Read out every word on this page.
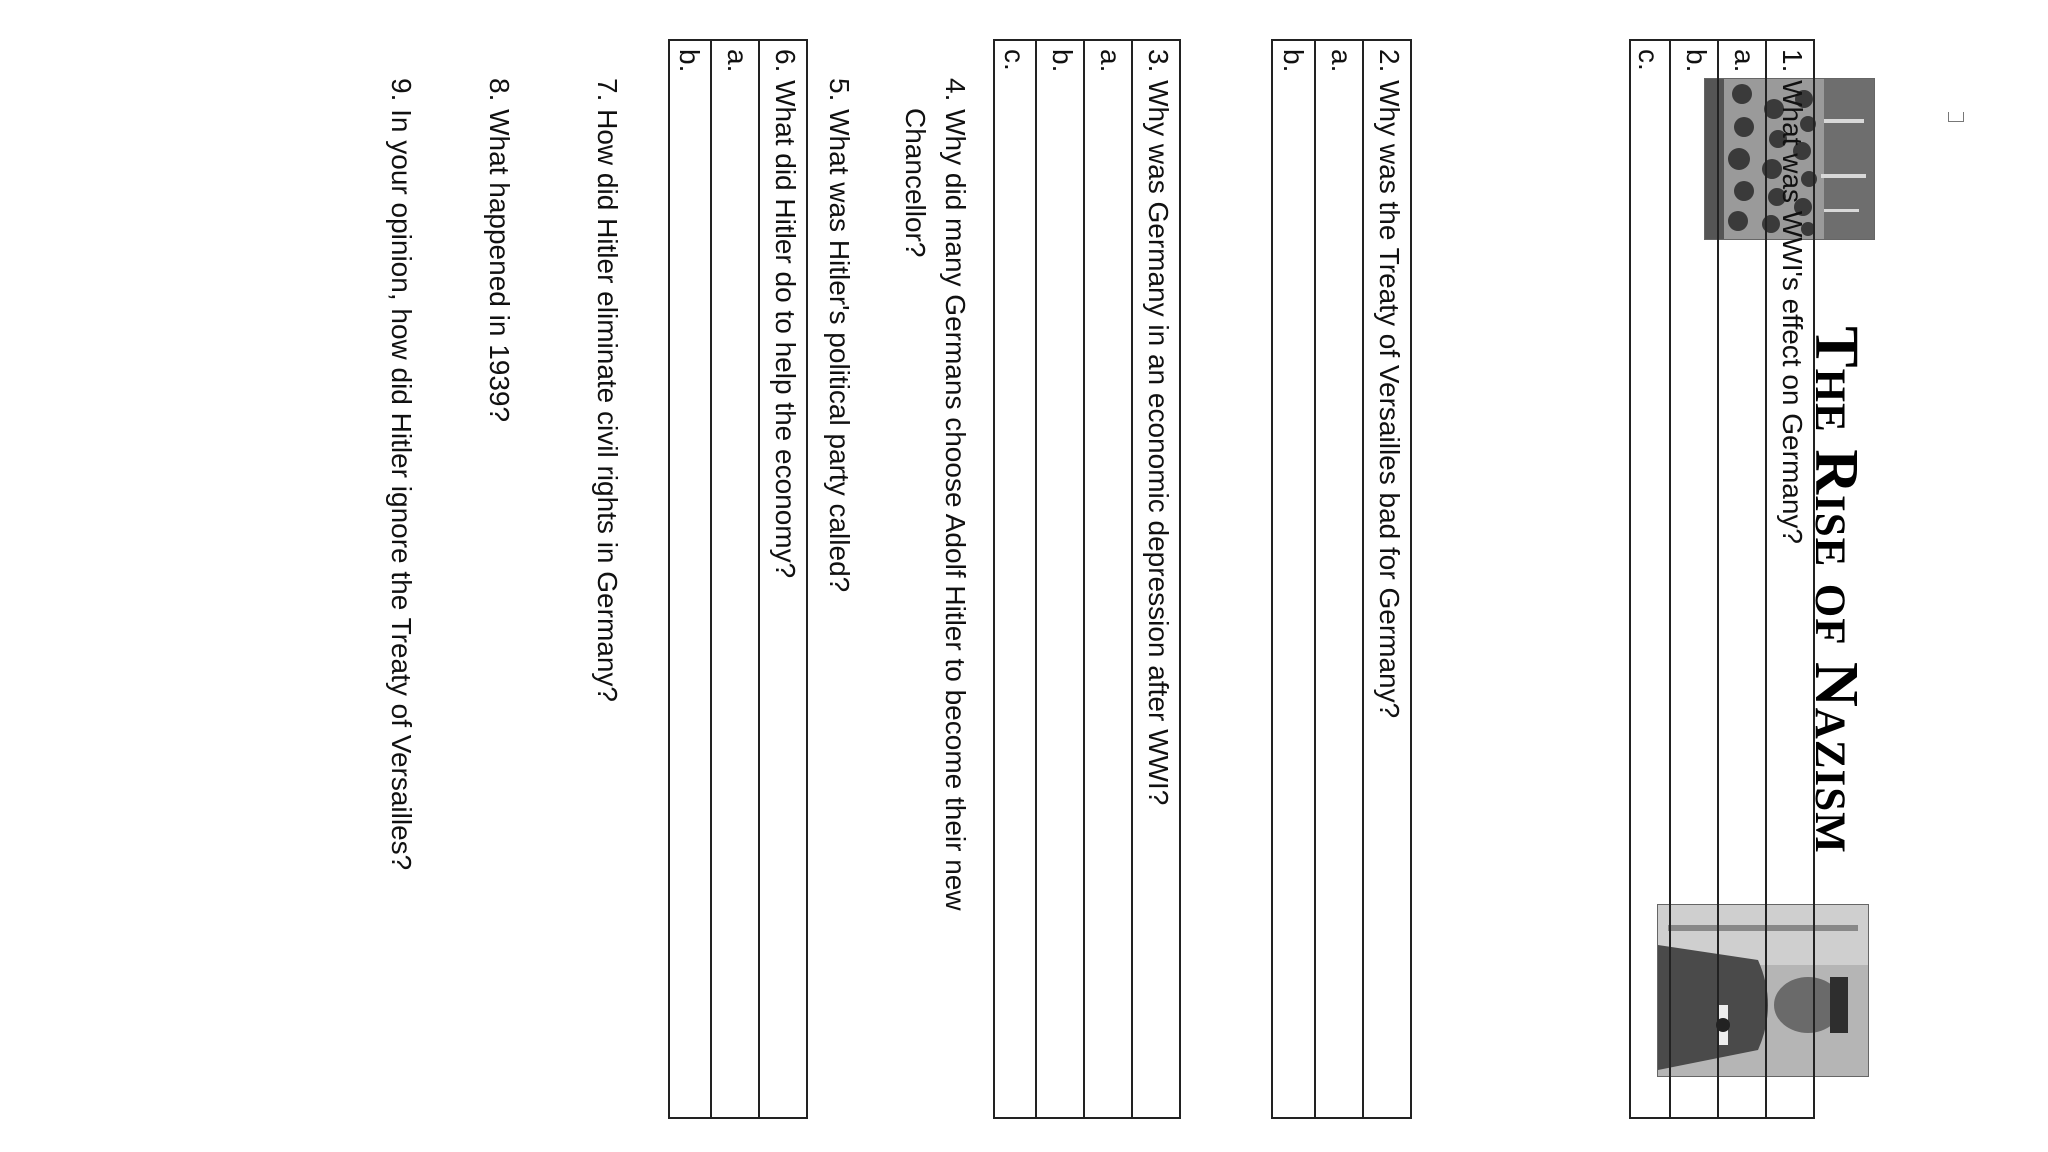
The Rise of Nazism
1. What was WWI's effect on Germany?
a.
b.
c.
2. Why was the Treaty of Versailles bad for Germany?
a.
b.
3. Why was Germany in an economic depression after WWI?
a.
b.
c.
4. Why did many Germans choose Adolf Hitler to become their new
Chancellor?
5. What was Hitler's political party called?
6. What did Hitler do to help the economy?
a.
b.
7. How did Hitler eliminate civil rights in Germany?
8. What happened in 1939?
9. In your opinion, how did Hitler ignore the Treaty of Versailles?
